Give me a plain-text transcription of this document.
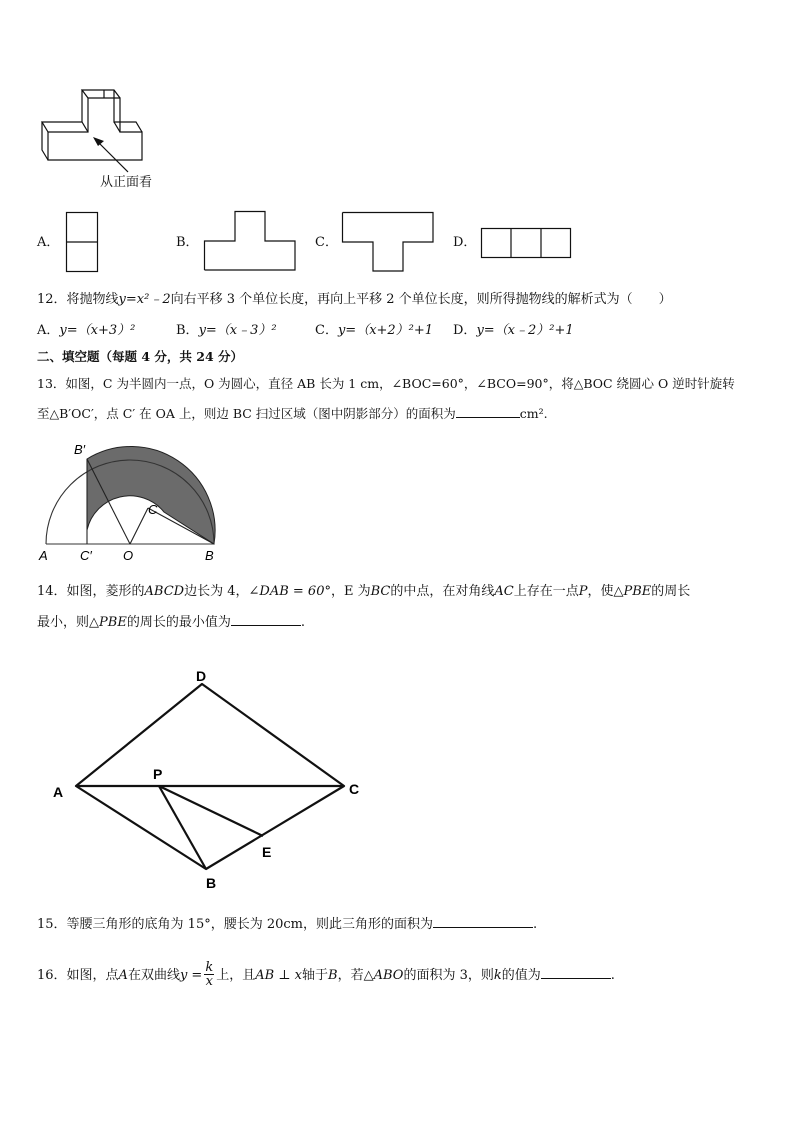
从正面看
A．	B．	C．	D．
12．将抛物线y=x²﹣2向右平移 3 个单位长度，再向上平移 2 个单位长度，则所得抛物线的解析式为（　　）
A．y=（x+3）²	B．y=（x﹣3）²	C．y=（x+2）²+1 D．y=（x﹣2）²+1
二、填空题（每题 4 分，共 24 分）
13．如图，C 为半圆内一点，O 为圆心，直径 AB 长为 1 cm，∠BOC=60°，∠BCO=90°，将△BOC 绕圆心 O 逆时针旋转
至△B′OC′，点 C′ 在 OA 上，则边 BC 扫过区域（图中阴影部分）的面积为	cm².
B′
C
A C′ O	B
14．如图，菱形的ABCD边长为 4，∠DAB = 60°，E 为BC的中点，在对角线AC上存在一点P，使△PBE的周长
最小，则△PBE的周长的最小值为	.
D
A
P
C
E
B
15．等腰三角形的底角为 15°，腰长为 20cm，则此三角形的面积为	.
16．如图，点A在双曲线$y = \frac{k}{x}$ 上，且AB ⊥ x轴于B，若△ABO的面积为 3，则k的值为	.
